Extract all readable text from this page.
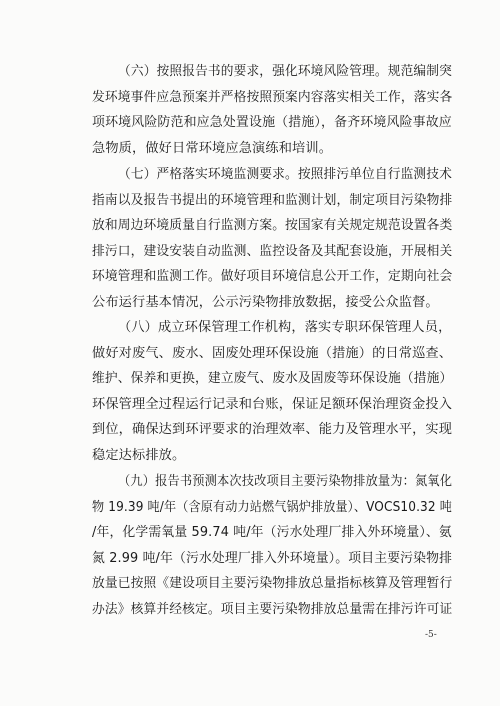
（六）按照报告书的要求，强化环境风险管理。规范编制突
发环境事件应急预案并严格按照预案内容落实相关工作，落实各
项环境风险防范和应急处置设施（措施），备齐环境风险事故应
急物质，做好日常环境应急演练和培训。
（七）严格落实环境监测要求。按照排污单位自行监测技术
指南以及报告书提出的环境管理和监测计划，制定项目污染物排
放和周边环境质量自行监测方案。按国家有关规定规范设置各类
排污口，建设安装自动监测、监控设备及其配套设施，开展相关
环境管理和监测工作。做好项目环境信息公开工作，定期向社会
公布运行基本情况，公示污染物排放数据，接受公众监督。
（八）成立环保管理工作机构，落实专职环保管理人员，
做好对废气、废水、固废处理环保设施（措施）的日常巡查、
维护、保养和更换，建立废气、废水及固废等环保设施（措施）
环保管理全过程运行记录和台账，保证足额环保治理资金投入
到位，确保达到环评要求的治理效率、能力及管理水平，实现
稳定达标排放。
（九）报告书预测本次技改项目主要污染物排放量为：氮氧化
物 19.39 吨/年（含原有动力站燃气锅炉排放量）、VOCS10.32 吨
/年，化学需氧量 59.74 吨/年（污水处理厂排入外环境量）、氨
氮 2.99 吨/年（污水处理厂排入外环境量）。项目主要污染物排
放量已按照《建设项目主要污染物排放总量指标核算及管理暂行
办法》核算并经核定。项目主要污染物排放总量需在排污许可证
-5-
